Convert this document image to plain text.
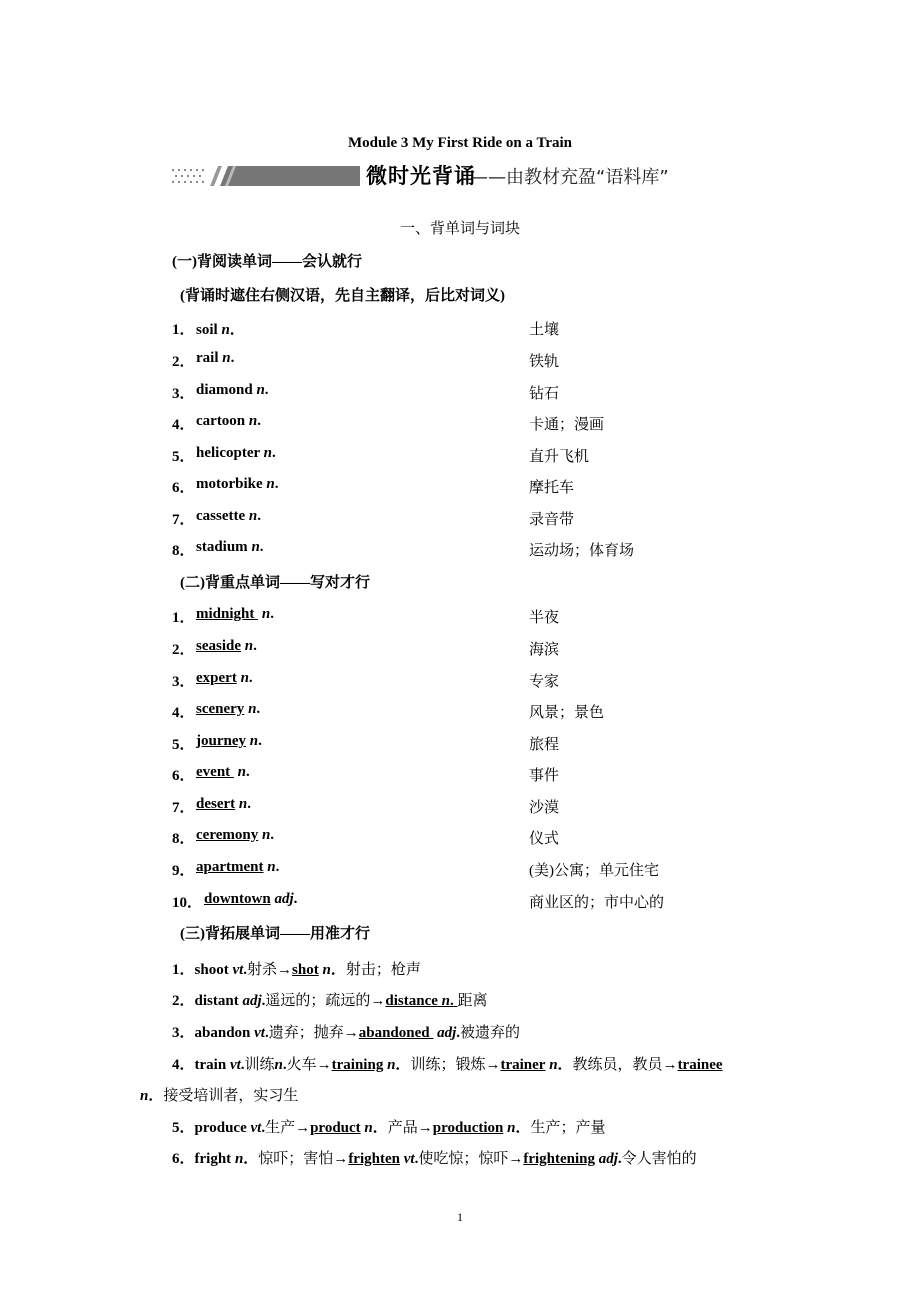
Module 3 My First Ride on a Train
微时光背诵
——由教材充盈“语料库”
一、背单词与词块
(一)背阅读单词——会认就行
(背诵时遮住右侧汉语，先自主翻译，后比对词义)
1． soil n．	土壤
2． rail n.	铁轨
3． diamond n.	钻石
4． cartoon n.	卡通；漫画
5． helicopter n.	直升飞机
6． motorbike n.	摩托车
7． cassette n.	录音带
8． stadium n.	运动场；体育场
(二)背重点单词——写对才行
1． midnight n.	半夜
2． seaside n.	海滨
3． expert n.	专家
4． scenery n.	风景；景色
5． journey n.	旅程
6． event n.	事件
7． desert n.	沙漠
8． ceremony n.	仪式
9． apartment n.	(美)公寓；单元住宅
10． downtown adj.	商业区的；市中心的
(三)背拓展单词——用准才行
1．shoot vt.射杀→shot n．射击；枪声
2．distant adj.遥远的；疏远的→distance n. 距离
3．abandon vt.遗弃；抛弃→abandoned adj.被遗弃的
4．train vt.训练n.火车→training n．训练；锻炼→trainer n．教练员，教员→trainee
n．接受培训者，实习生
5．produce vt.生产→product n．产品→production n．生产；产量
6．fright n．惊吓；害怕→frighten vt.使吃惊；惊吓→frightening adj.令人害怕的
1
